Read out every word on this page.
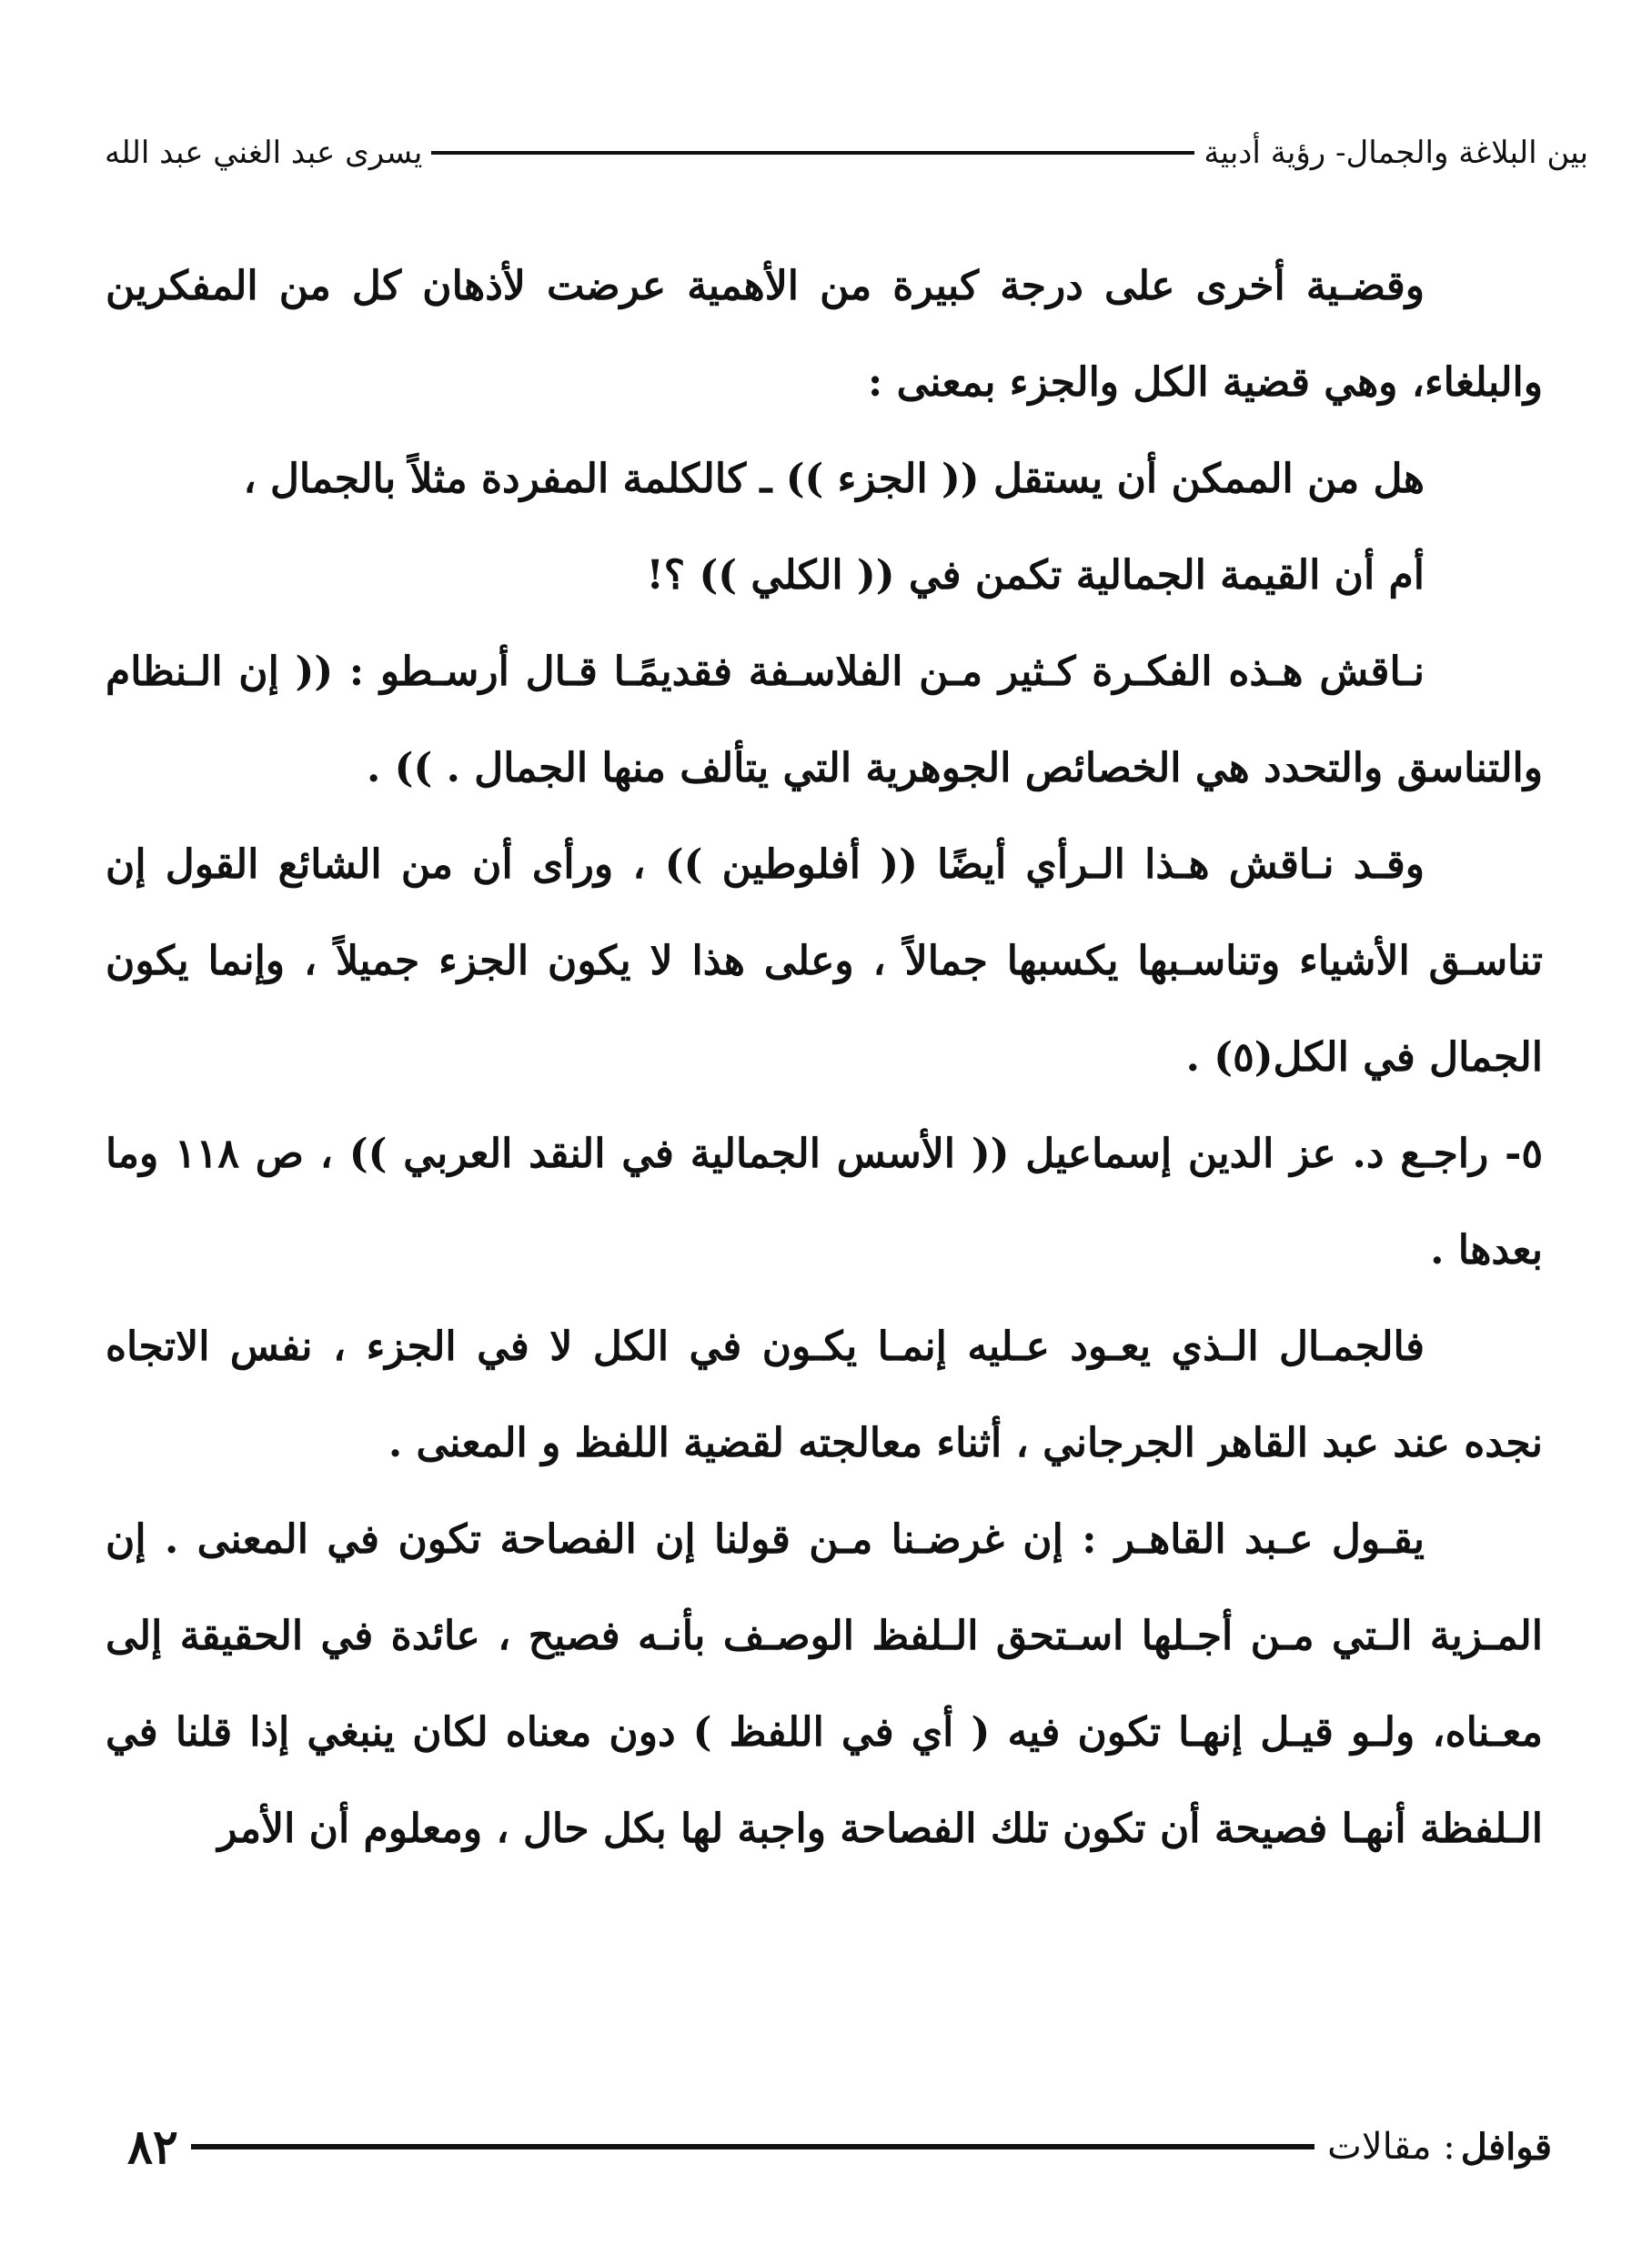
بين البلاغة والجمال- رؤية أدبية
يسرى عبد الغني عبد الله

وقضـية أخرى على درجة كبيرة من الأهمية عرضت لأذهان كل من المفكرين والبلغاء، وهي قضية الكل والجزء بمعنى :

هل من الممكن أن يستقل (( الجزء )) ـ كالكلمة المفردة مثلاً بالجمال ،

أم أن القيمة الجمالية تكمن في (( الكلي )) ؟!

نـاقش هـذه الفكـرة كـثير مـن الفلاسـفة فقديمًـا قـال أرسـطو : (( إن الـنظام والتناسق والتحدد هي الخصائص الجوهرية التي يتألف منها الجمال . )) .

وقـد نـاقش هـذا الـرأي أيضًا (( أفلوطين )) ، ورأى أن من الشائع القول إن تناسـق الأشياء وتناسـبها يكسبها جمالاً ، وعلى هذا لا يكون الجزء جميلاً ، وإنما يكون الجمال في الكل(٥) .

٥- راجـع د. عز الدين إسماعيل (( الأسس الجمالية في النقد العربي )) ، ص ١١٨ وما بعدها .

فالجمـال الـذي يعـود عـليه إنمـا يكـون في الكل لا في الجزء ، نفس الاتجاه نجده عند عبد القاهر الجرجاني ، أثناء معالجته لقضية اللفظ و المعنى .

يقـول عـبد القاهـر : إن غرضـنا مـن قولنا إن الفصاحة تكون في المعنى . إن المـزية الـتي مـن أجـلها اسـتحق الـلفظ الوصـف بأنـه فصيح ، عائدة في الحقيقة إلى معـناه، ولـو قيـل إنهـا تكون فيه ( أي في اللفظ ) دون معناه لكان ينبغي إذا قلنا في الـلفظة أنهـا فصيحة أن تكون تلك الفصاحة واجبة لها بكل حال ، ومعلوم أن الأمر

قوافل
: مقالات
٨٢
